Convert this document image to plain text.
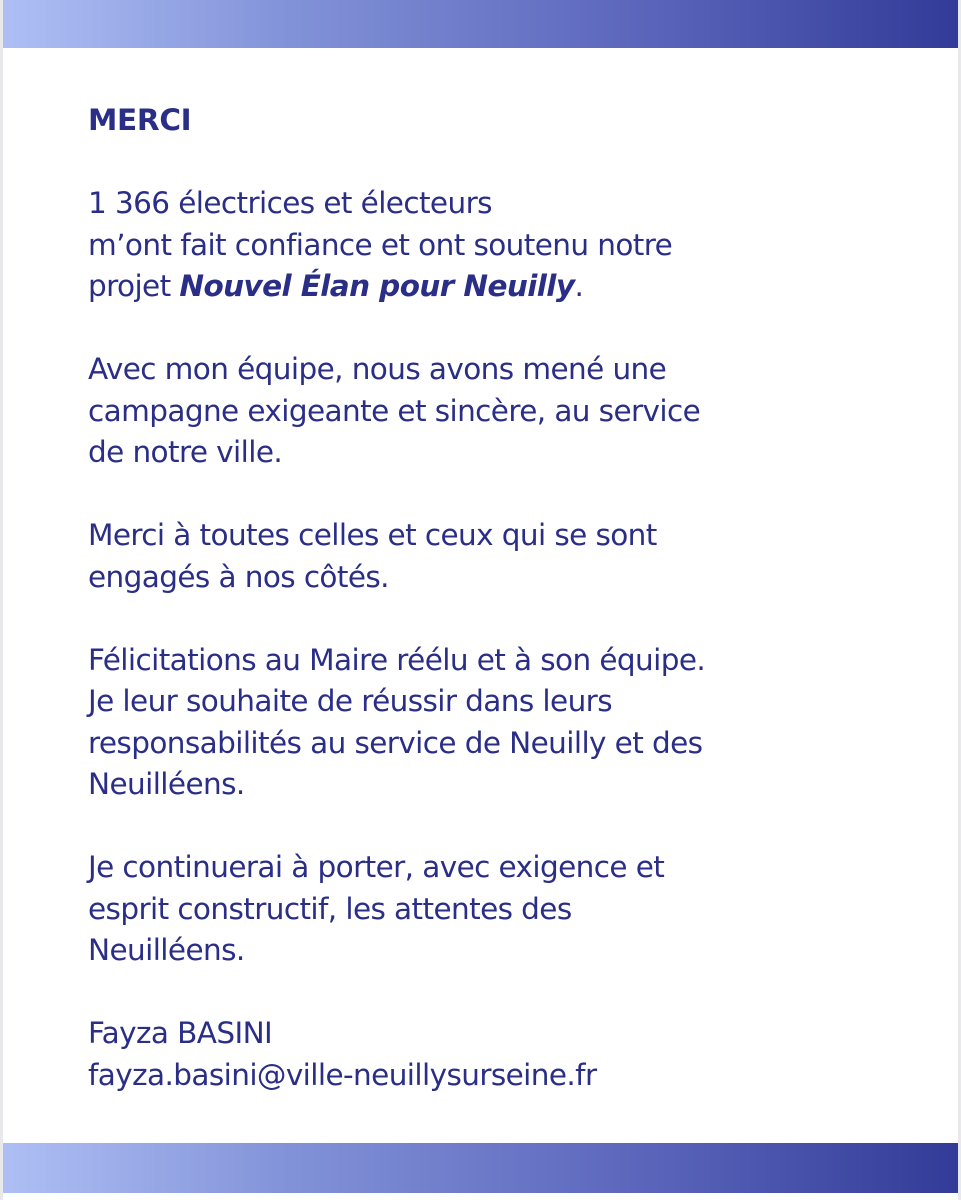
MERCI
1 366 électrices et électeurs
m’ont fait confiance et ont soutenu notre
projet Nouvel Élan pour Neuilly.
Avec mon équipe, nous avons mené une
campagne exigeante et sincère, au service
de notre ville.
Merci à toutes celles et ceux qui se sont
engagés à nos côtés.
Félicitations au Maire réélu et à son équipe.
Je leur souhaite de réussir dans leurs
responsabilités au service de Neuilly et des
Neuilléens.
Je continuerai à porter, avec exigence et
esprit constructif, les attentes des
Neuilléens.
Fayza BASINI
fayza.basini@ville-neuillysurseine.fr
